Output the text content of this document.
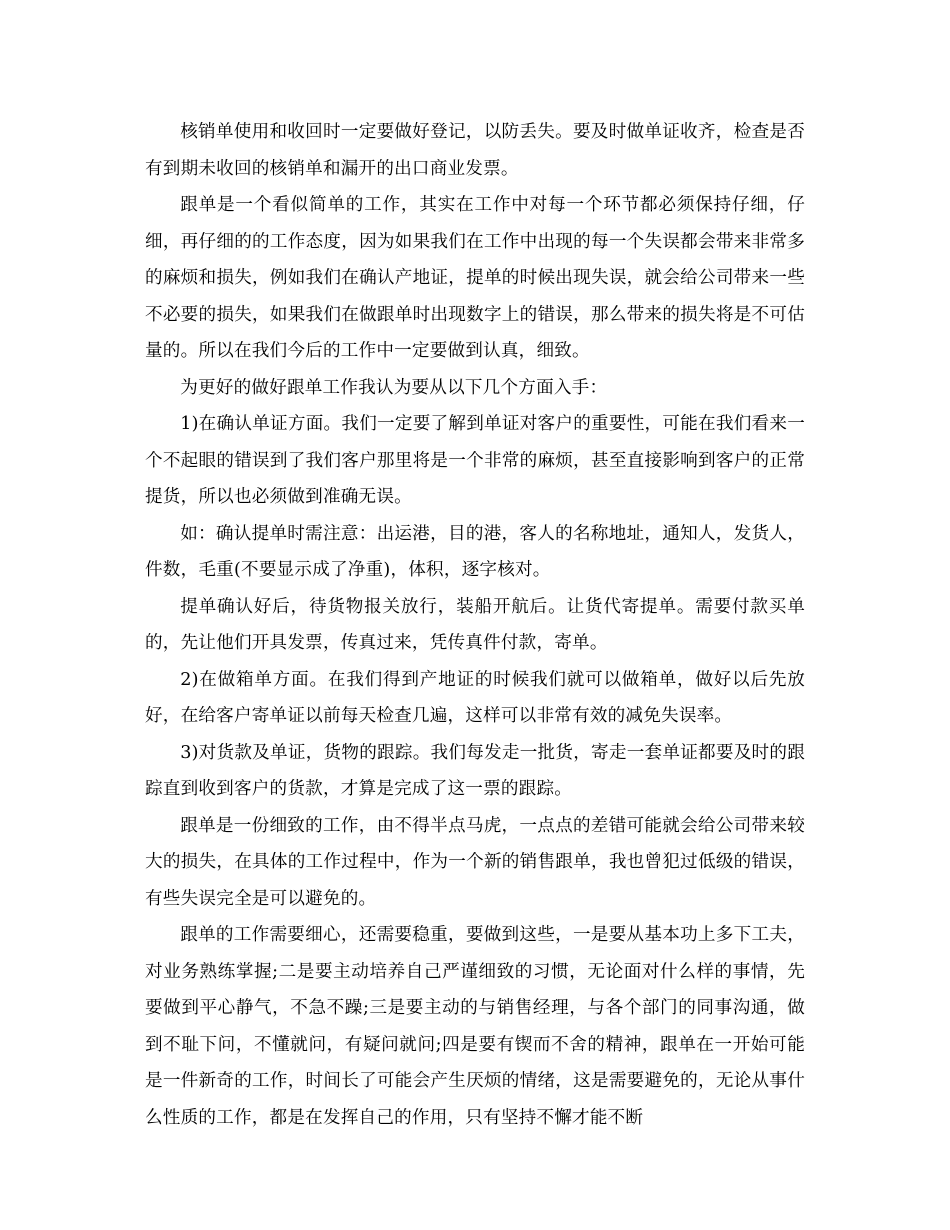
核销单使用和收回时一定要做好登记，以防丢失。要及时做单证收齐，检查是否有到期未收回的核销单和漏开的出口商业发票。

跟单是一个看似简单的工作，其实在工作中对每一个环节都必须保持仔细，仔细，再仔细的的工作态度，因为如果我们在工作中出现的每一个失误都会带来非常多的麻烦和损失，例如我们在确认产地证，提单的时候出现失误，就会给公司带来一些不必要的损失，如果我们在做跟单时出现数字上的错误，那么带来的损失将是不可估量的。所以在我们今后的工作中一定要做到认真，细致。

为更好的做好跟单工作我认为要从以下几个方面入手：

1)在确认单证方面。我们一定要了解到单证对客户的重要性，可能在我们看来一个不起眼的错误到了我们客户那里将是一个非常的麻烦，甚至直接影响到客户的正常提货，所以也必须做到准确无误。

如：确认提单时需注意：出运港，目的港，客人的名称地址，通知人，发货人，件数，毛重(不要显示成了净重)，体积，逐字核对。

提单确认好后，待货物报关放行，装船开航后。让货代寄提单。需要付款买单的，先让他们开具发票，传真过来，凭传真件付款，寄单。

2)在做箱单方面。在我们得到产地证的时候我们就可以做箱单，做好以后先放好，在给客户寄单证以前每天检查几遍，这样可以非常有效的减免失误率。

3)对货款及单证，货物的跟踪。我们每发走一批货，寄走一套单证都要及时的跟踪直到收到客户的货款，才算是完成了这一票的跟踪。

跟单是一份细致的工作，由不得半点马虎，一点点的差错可能就会给公司带来较大的损失，在具体的工作过程中，作为一个新的销售跟单，我也曾犯过低级的错误，有些失误完全是可以避免的。

跟单的工作需要细心，还需要稳重，要做到这些，一是要从基本功上多下工夫，对业务熟练掌握;二是要主动培养自己严谨细致的习惯，无论面对什么样的事情，先要做到平心静气，不急不躁;三是要主动的与销售经理，与各个部门的同事沟通，做到不耻下问，不懂就问，有疑问就问;四是要有锲而不舍的精神，跟单在一开始可能是一件新奇的工作，时间长了可能会产生厌烦的情绪，这是需要避免的，无论从事什么性质的工作，都是在发挥自己的作用，只有坚持不懈才能不断
